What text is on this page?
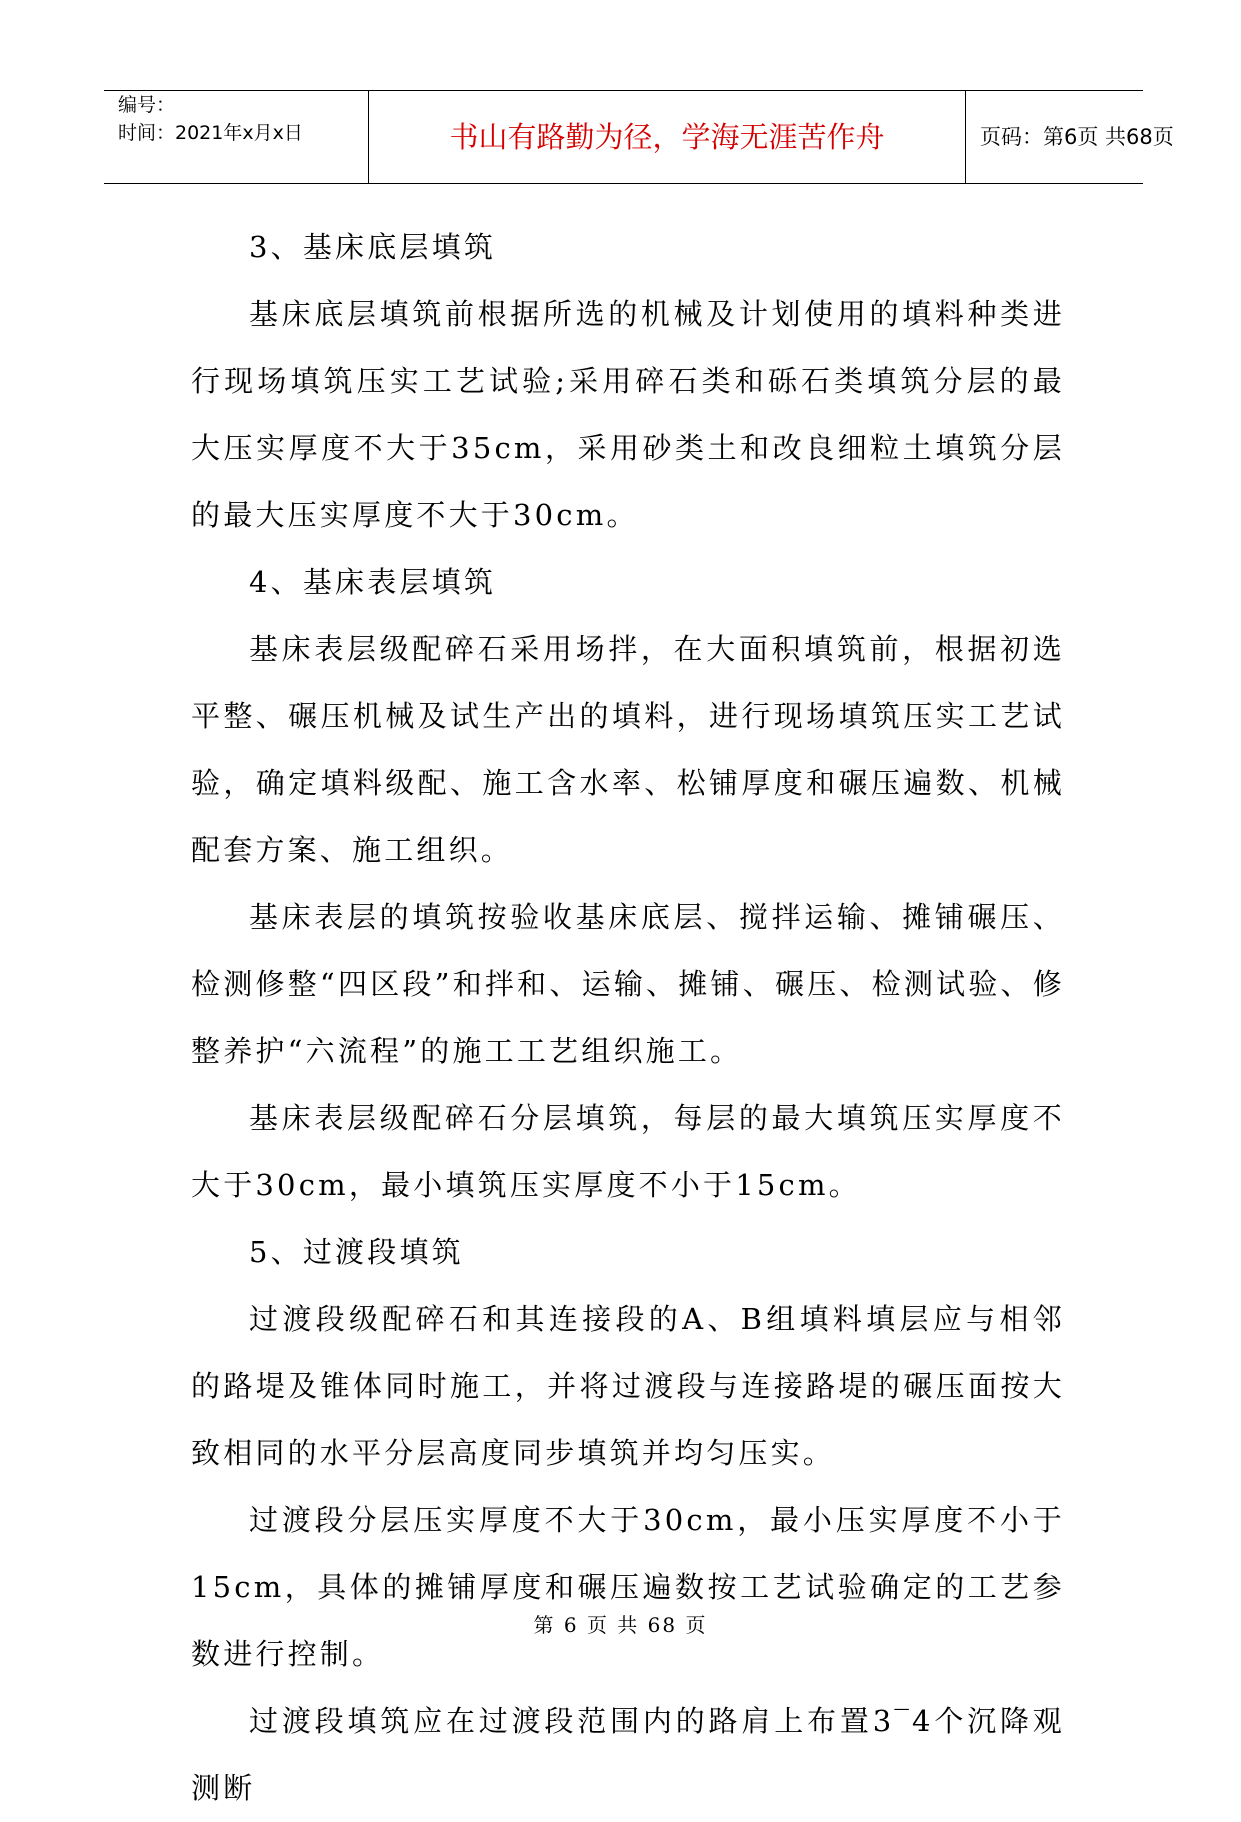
编号：
时间：2021年x月x日	书山有路勤为径，学海无涯苦作舟	页码：第6页 共68页

3、基床底层填筑

基床底层填筑前根据所选的机械及计划使用的填料种类进行现场填筑压实工艺试验;采用碎石类和砾石类填筑分层的最大压实厚度不大于35cm，采用砂类土和改良细粒土填筑分层的最大压实厚度不大于30cm。

4、基床表层填筑

基床表层级配碎石采用场拌，在大面积填筑前，根据初选平整、碾压机械及试生产出的填料，进行现场填筑压实工艺试验，确定填料级配、施工含水率、松铺厚度和碾压遍数、机械配套方案、施工组织。

基床表层的填筑按验收基床底层、搅拌运输、摊铺碾压、检测修整“四区段”和拌和、运输、摊铺、碾压、检测试验、修整养护“六流程”的施工工艺组织施工。

基床表层级配碎石分层填筑，每层的最大填筑压实厚度不大于30cm，最小填筑压实厚度不小于15cm。

5、过渡段填筑

过渡段级配碎石和其连接段的A、B组填料填层应与相邻的路堤及锥体同时施工，并将过渡段与连接路堤的碾压面按大致相同的水平分层高度同步填筑并均匀压实。

过渡段分层压实厚度不大于30cm，最小压实厚度不小于15cm，具体的摊铺厚度和碾压遍数按工艺试验确定的工艺参数进行控制。

过渡段填筑应在过渡段范围内的路肩上布置3‾4个沉降观测断

第 6 页 共 68 页
